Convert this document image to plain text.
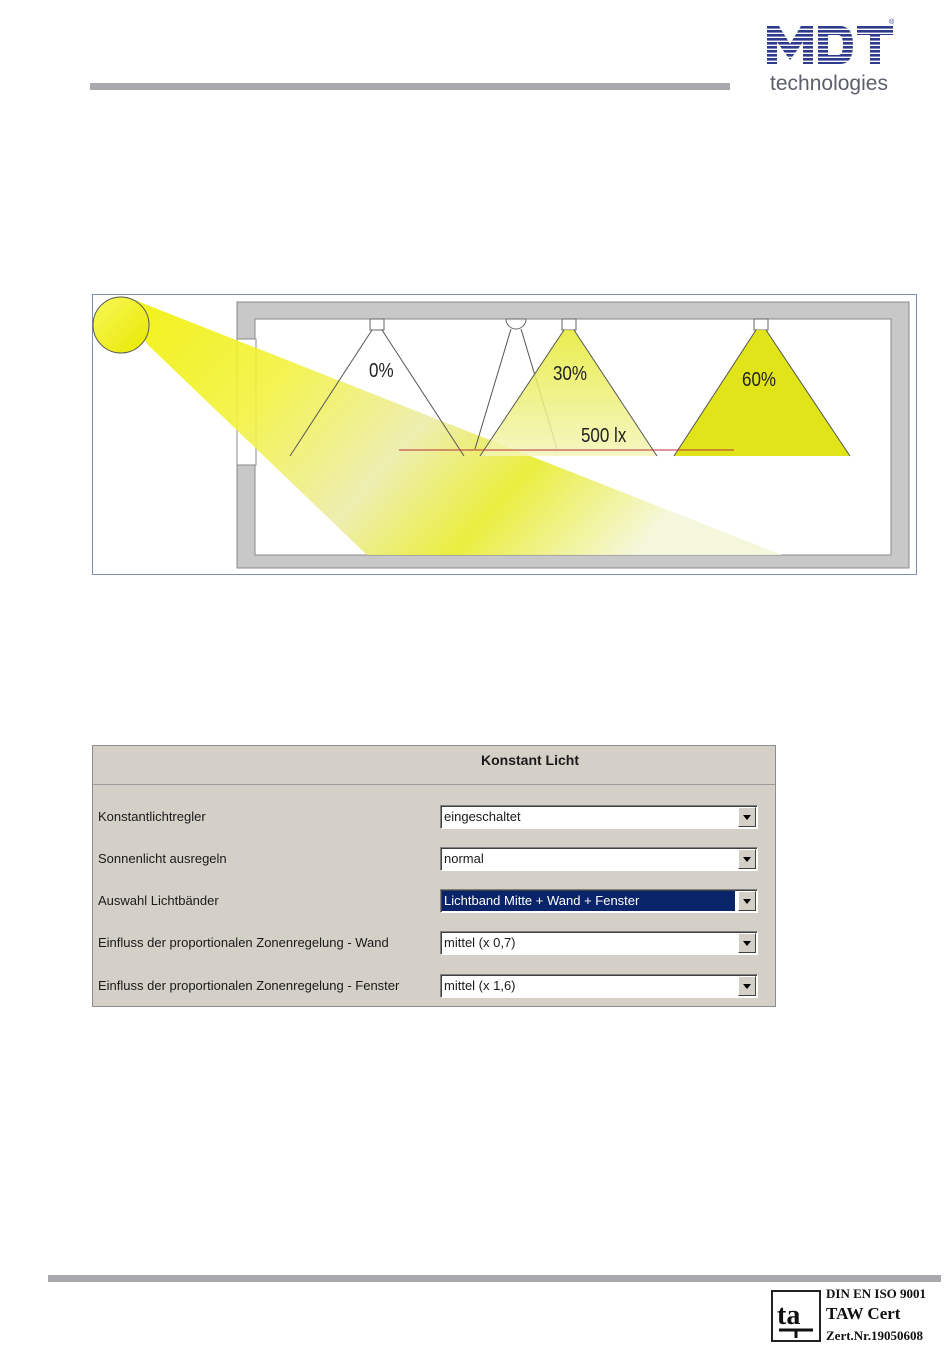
®
technologies
0%	30%	60%
500 lx
Konstant Licht
Konstantlichtregler	eingeschaltet
Sonnenlicht ausregeln	normal
Auswahl Lichtbänder	Lichtband Mitte + Wand + Fenster
Einfluss der proportionalen Zonenregelung - Wand	mittel (x 0,7)
Einfluss der proportionalen Zonenregelung - Fenster	mittel (x 1,6)
ta
DIN EN ISO 9001
TAW Cert
Zert.Nr.19050608
